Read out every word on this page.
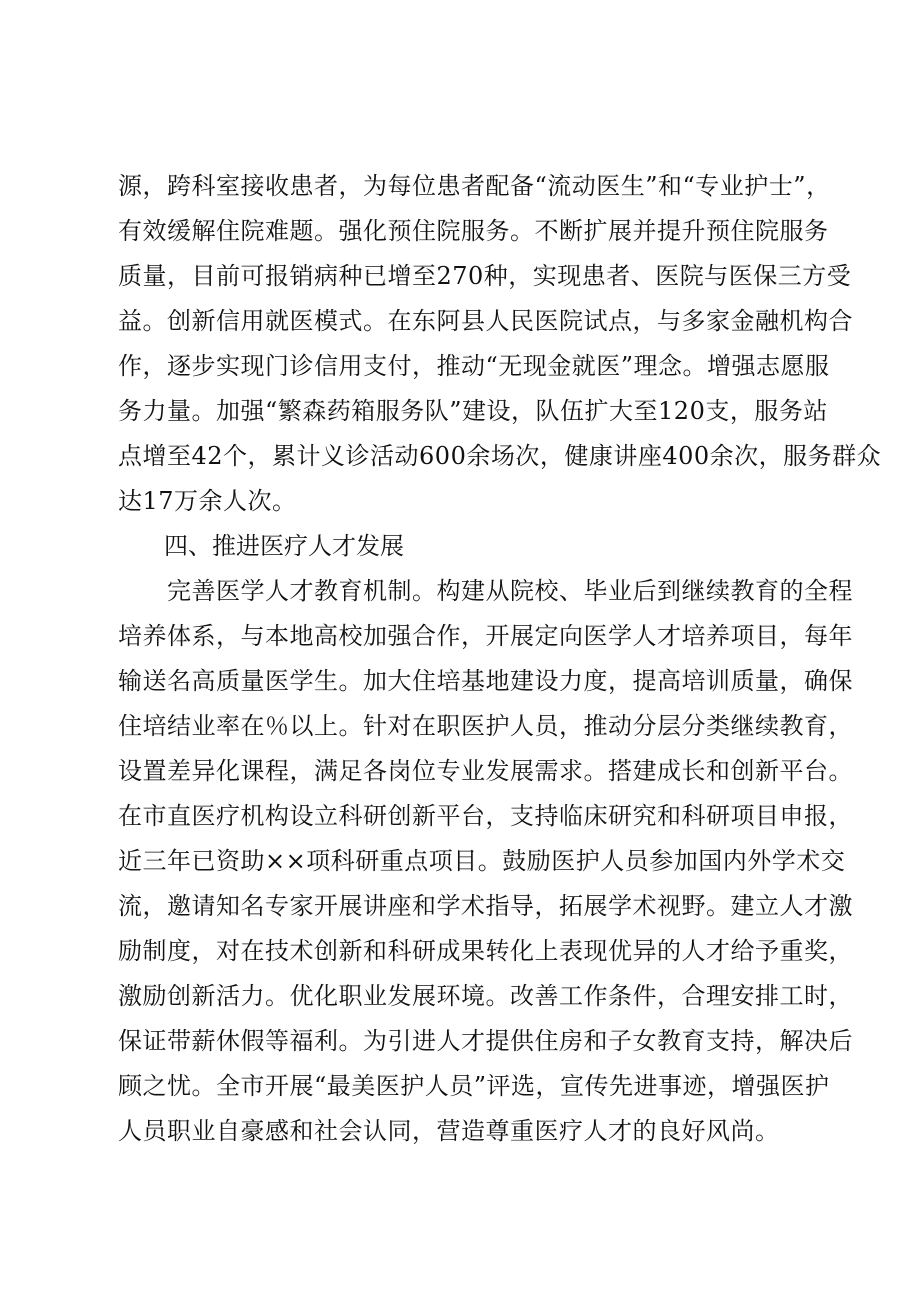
源，跨科室接收患者，为每位患者配备“流动医生”和“专业护士”，
有效缓解住院难题。强化预住院服务。不断扩展并提升预住院服务
质量，目前可报销病种已增至270种，实现患者、医院与医保三方受
益。创新信用就医模式。在东阿县人民医院试点，与多家金融机构合
作，逐步实现门诊信用支付，推动“无现金就医”理念。增强志愿服
务力量。加强“繁森药箱服务队”建设，队伍扩大至120支，服务站
点增至42个，累计义诊活动600余场次，健康讲座400余次，服务群众
达17万余人次。
四、推进医疗人才发展
　　完善医学人才教育机制。构建从院校、毕业后到继续教育的全程
培养体系，与本地高校加强合作，开展定向医学人才培养项目，每年
输送名高质量医学生。加大住培基地建设力度，提高培训质量，确保
住培结业率在％以上。针对在职医护人员，推动分层分类继续教育，
设置差异化课程，满足各岗位专业发展需求。搭建成长和创新平台。
在市直医疗机构设立科研创新平台，支持临床研究和科研项目申报，
近三年已资助××项科研重点项目。鼓励医护人员参加国内外学术交
流，邀请知名专家开展讲座和学术指导，拓展学术视野。建立人才激
励制度，对在技术创新和科研成果转化上表现优异的人才给予重奖，
激励创新活力。优化职业发展环境。改善工作条件，合理安排工时，
保证带薪休假等福利。为引进人才提供住房和子女教育支持，解决后
顾之忧。全市开展“最美医护人员”评选，宣传先进事迹，增强医护
人员职业自豪感和社会认同，营造尊重医疗人才的良好风尚。
